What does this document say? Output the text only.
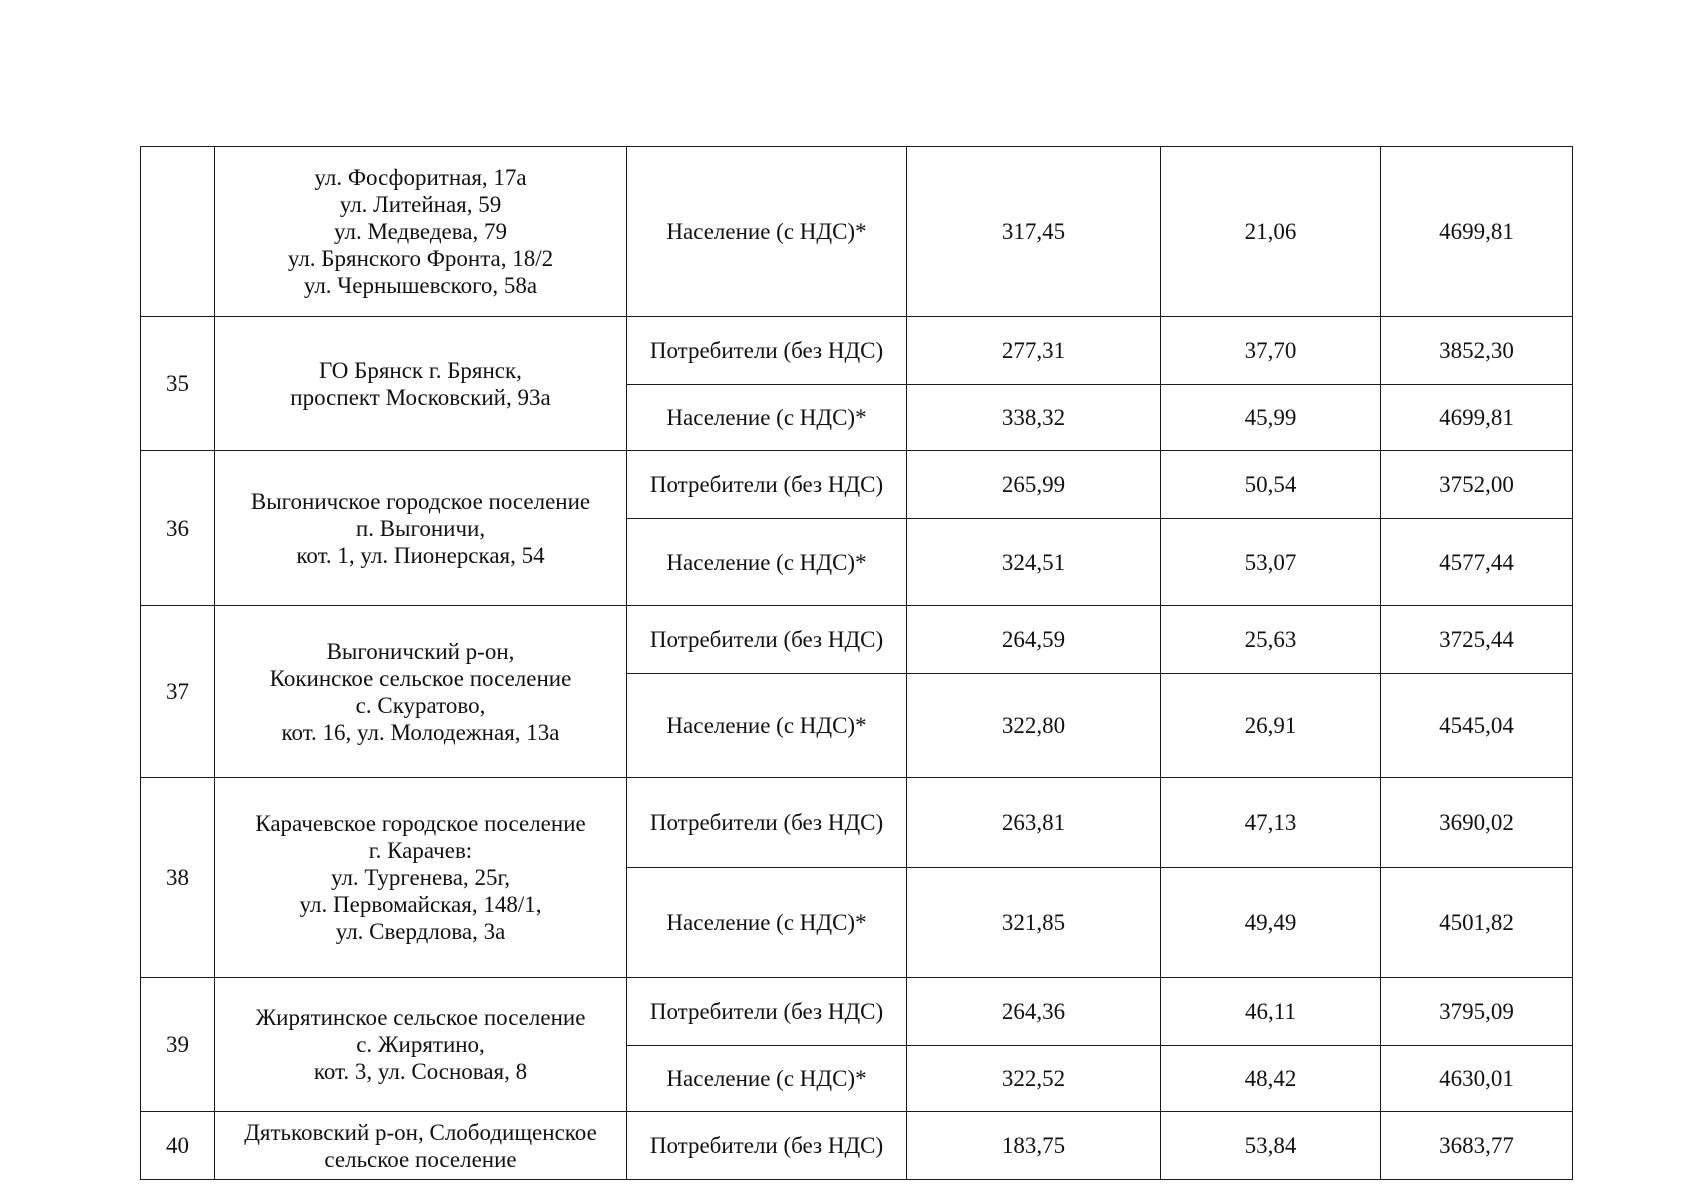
	ул. Фосфоритная, 17а
ул. Литейная, 59
ул. Медведева, 79
ул. Брянского Фронта, 18/2
ул. Чернышевского, 58а	Население (с НДС)*	317,45	21,06	4699,81
35	ГО Брянск г. Брянск,
проспект Московский, 93а	Потребители (без НДС)	277,31	37,70	3852,30
		Население (с НДС)*	338,32	45,99	4699,81
36	Выгоничское городское поселение
п. Выгоничи,
кот. 1, ул. Пионерская, 54	Потребители (без НДС)	265,99	50,54	3752,00
		Население (с НДС)*	324,51	53,07	4577,44
37	Выгоничский р-он,
Кокинское сельское поселение
с. Скуратово,
кот. 16, ул. Молодежная, 13а	Потребители (без НДС)	264,59	25,63	3725,44
		Население (с НДС)*	322,80	26,91	4545,04
38	Карачевское городское поселение
г. Карачев:
ул. Тургенева, 25г,
ул. Первомайская, 148/1,
ул. Свердлова, 3а	Потребители (без НДС)	263,81	47,13	3690,02
		Население (с НДС)*	321,85	49,49	4501,82
39	Жирятинское сельское поселение
с. Жирятино,
кот. 3, ул. Сосновая, 8	Потребители (без НДС)	264,36	46,11	3795,09
		Население (с НДС)*	322,52	48,42	4630,01
40	Дятьковский р-он, Слободищенское
сельское поселение	Потребители (без НДС)	183,75	53,84	3683,77
